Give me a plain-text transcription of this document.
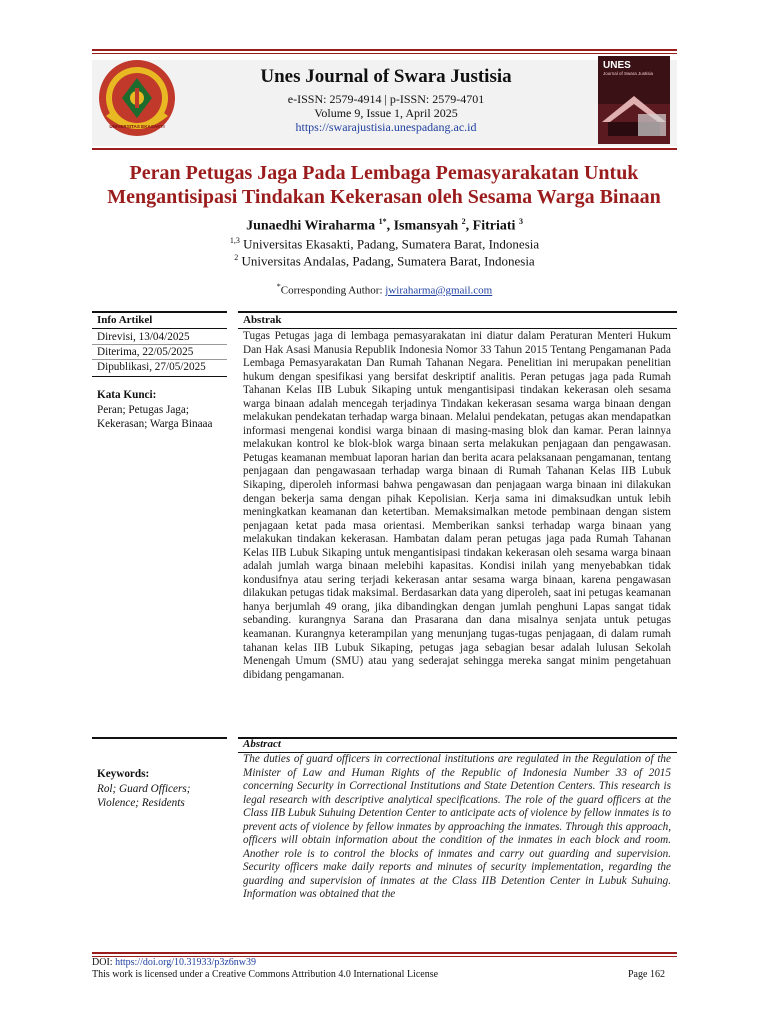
UNIVERSITAS EKASAKTI
Unes Journal of Swara Justisia
e-ISSN: 2579-4914 | p-ISSN: 2579-4701
Volume 9, Issue 1, April 2025
https://swarajustisia.unespadang.ac.id
UNES
Journal of Swara Justisia
Peran Petugas Jaga Pada Lembaga Pemasyarakatan Untuk
Mengantisipasi Tindakan Kekerasan oleh Sesama Warga Binaan
Junaedhi Wiraharma $^{1*}$, Ismansyah $^2$, Fitriati $^3$
$^{1,3}$ Universitas Ekasakti, Padang, Sumatera Barat, Indonesia
$^2$ Universitas Andalas, Padang, Sumatera Barat, Indonesia
*Corresponding Author: jwiraharma@gmail.com
Info Artikel	Abstrak
Direvisi, 13/04/2025
Diterima, 22/05/2025
Dipublikasi, 27/05/2025
Kata Kunci:
Peran; Petugas Jaga; Kekerasan; Warga Binaaa
Tugas Petugas jaga di lembaga pemasyarakatan ini diatur dalam Peraturan Menteri Hukum Dan Hak Asasi Manusia Republik Indonesia Nomor 33 Tahun 2015 Tentang Pengamanan Pada Lembaga Pemasyarakatan Dan Rumah Tahanan Negara. Penelitian ini merupakan penelitian hukum dengan spesifikasi yang bersifat deskriptif analitis. Peran petugas jaga pada Rumah Tahanan Kelas IIB Lubuk Sikaping untuk mengantisipasi tindakan kekerasan oleh sesama warga binaan adalah mencegah terjadinya Tindakan kekerasan sesama warga binaan dengan melakukan pendekatan terhadap warga binaan. Melalui pendekatan, petugas akan mendapatkan informasi mengenai kondisi warga binaan di masing-masing blok dan kamar. Peran lainnya melakukan kontrol ke blok-blok warga binaan serta melakukan penjagaan dan pengawasan. Petugas keamanan membuat laporan harian dan berita acara pelaksanaan pengamanan, tentang penjagaan dan pengawasaan terhadap warga binaan di Rumah Tahanan Kelas IIB Lubuk Sikaping, diperoleh informasi bahwa pengawasan dan penjagaan warga binaan ini dilakukan dengan bekerja sama dengan pihak Kepolisian. Kerja sama ini dimaksudkan untuk lebih meningkatkan keamanan dan ketertiban. Memaksimalkan metode pembinaan dengan sistem penjagaan ketat pada masa orientasi. Memberikan sanksi terhadap warga binaan yang melakukan tindakan kekerasan. Hambatan dalam peran petugas jaga pada Rumah Tahanan Kelas IIB Lubuk Sikaping untuk mengantisipasi tindakan kekerasan oleh sesama warga binaan adalah jumlah warga binaan melebihi kapasitas. Kondisi inilah yang menyebabkan tidak kondusifnya atau sering terjadi kekerasan antar sesama warga binaan, karena pengawasan dilakukan petugas tidak maksimal. Berdasarkan data yang diperoleh, saat ini petugas keamanan hanya berjumlah 49 orang, jika dibandingkan dengan jumlah penghuni Lapas sangat tidak sebanding. kurangnya Sarana dan Prasarana dan dana misalnya senjata untuk petugas keamanan. Kurangnya keterampilan yang menunjang tugas-tugas penjagaan, di dalam rumah tahanan kelas IIB Lubuk Sikaping, petugas jaga sebagian besar adalah lulusan Sekolah Menengah Umum (SMU) atau yang sederajat sehingga mereka sangat minim pengetahuan dibidang pengamanan.
Abstract
Keywords:
Rol; Guard Officers; Violence; Residents
The duties of guard officers in correctional institutions are regulated in the Regulation of the Minister of Law and Human Rights of the Republic of Indonesia Number 33 of 2015 concerning Security in Correctional Institutions and State Detention Centers. This research is legal research with descriptive analytical specifications. The role of the guard officers at the Class IIB Lubuk Suhuing Detention Center to anticipate acts of violence by fellow inmates is to prevent acts of violence by fellow inmates by approaching the inmates. Through this approach, officers will obtain information about the condition of the inmates in each block and room. Another role is to control the blocks of inmates and carry out guarding and supervision. Security officers make daily reports and minutes of security implementation, regarding the guarding and supervision of inmates at the Class IIB Detention Center in Lubuk Suhuing. Information was obtained that the
DOI: https://doi.org/10.31933/p3z6nw39
This work is licensed under a Creative Commons Attribution 4.0 International License	Page 162
